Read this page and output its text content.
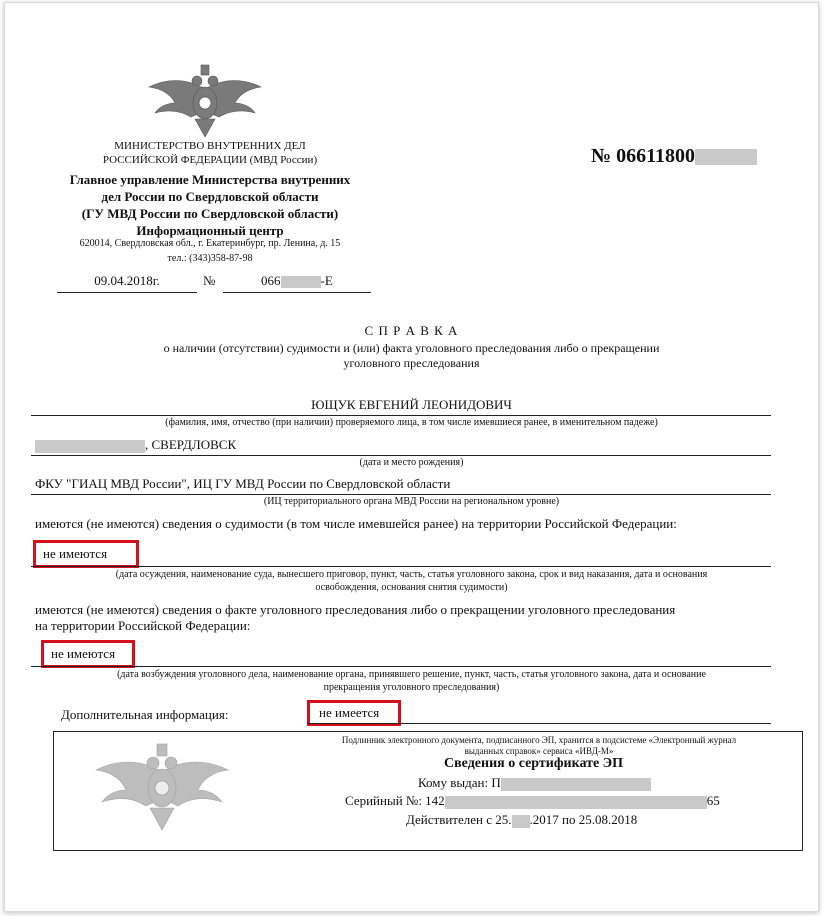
МИНИСТЕРСТВО ВНУТРЕННИХ ДЕЛ
РОССИЙСКОЙ ФЕДЕРАЦИИ (МВД России)
Главное управление Министерства внутренних
дел России по Свердловской области
(ГУ МВД России по Свердловской области)
Информационный центр
620014, Свердловская обл., г. Екатеринбург, пр. Ленина, д. 15
тел.: (343)358-87-98
09.04.2018г.	№	066	-Е
№ 06611800
С П Р А В К А
о наличии (отсутствии) судимости и (или) факта уголовного преследования либо о прекращении
уголовного преследования
ЮЩУК ЕВГЕНИЙ ЛЕОНИДОВИЧ
(фамилия, имя, отчество (при наличии) проверяемого лица, в том числе имевшиеся ранее, в именительном падеже)
, СВЕРДЛОВСК
(дата и место рождения)
ФКУ "ГИАЦ МВД России", ИЦ ГУ МВД России по Свердловской области
(ИЦ территориального органа МВД России на региональном уровне)
имеются (не имеются) сведения о судимости (в том числе имевшейся ранее) на территории Российской Федерации:
не имеются
(дата осуждения, наименование суда, вынесшего приговор, пункт, часть, статья уголовного закона, срок и вид наказания, дата и основания
освобождения, основания снятия судимости)
имеются (не имеются) сведения о факте уголовного преследования либо о прекращении уголовного преследования
на территории Российской Федерации:
не имеются
(дата возбуждения уголовного дела, наименование органа, принявшего решение, пункт, часть, статья уголовного закона, дата и основание
прекращения уголовного преследования)
Дополнительная информация:	не имеется
Подлинник электронного документа, подписанного ЭП, хранится в подсистеме «Электронный журнал
выданных справок» сервиса «ИВД-М»
Сведения о сертификате ЭП
Кому выдан: П
Серийный №: 142	65
Действителен с 25. .2017 по 25.08.2018
